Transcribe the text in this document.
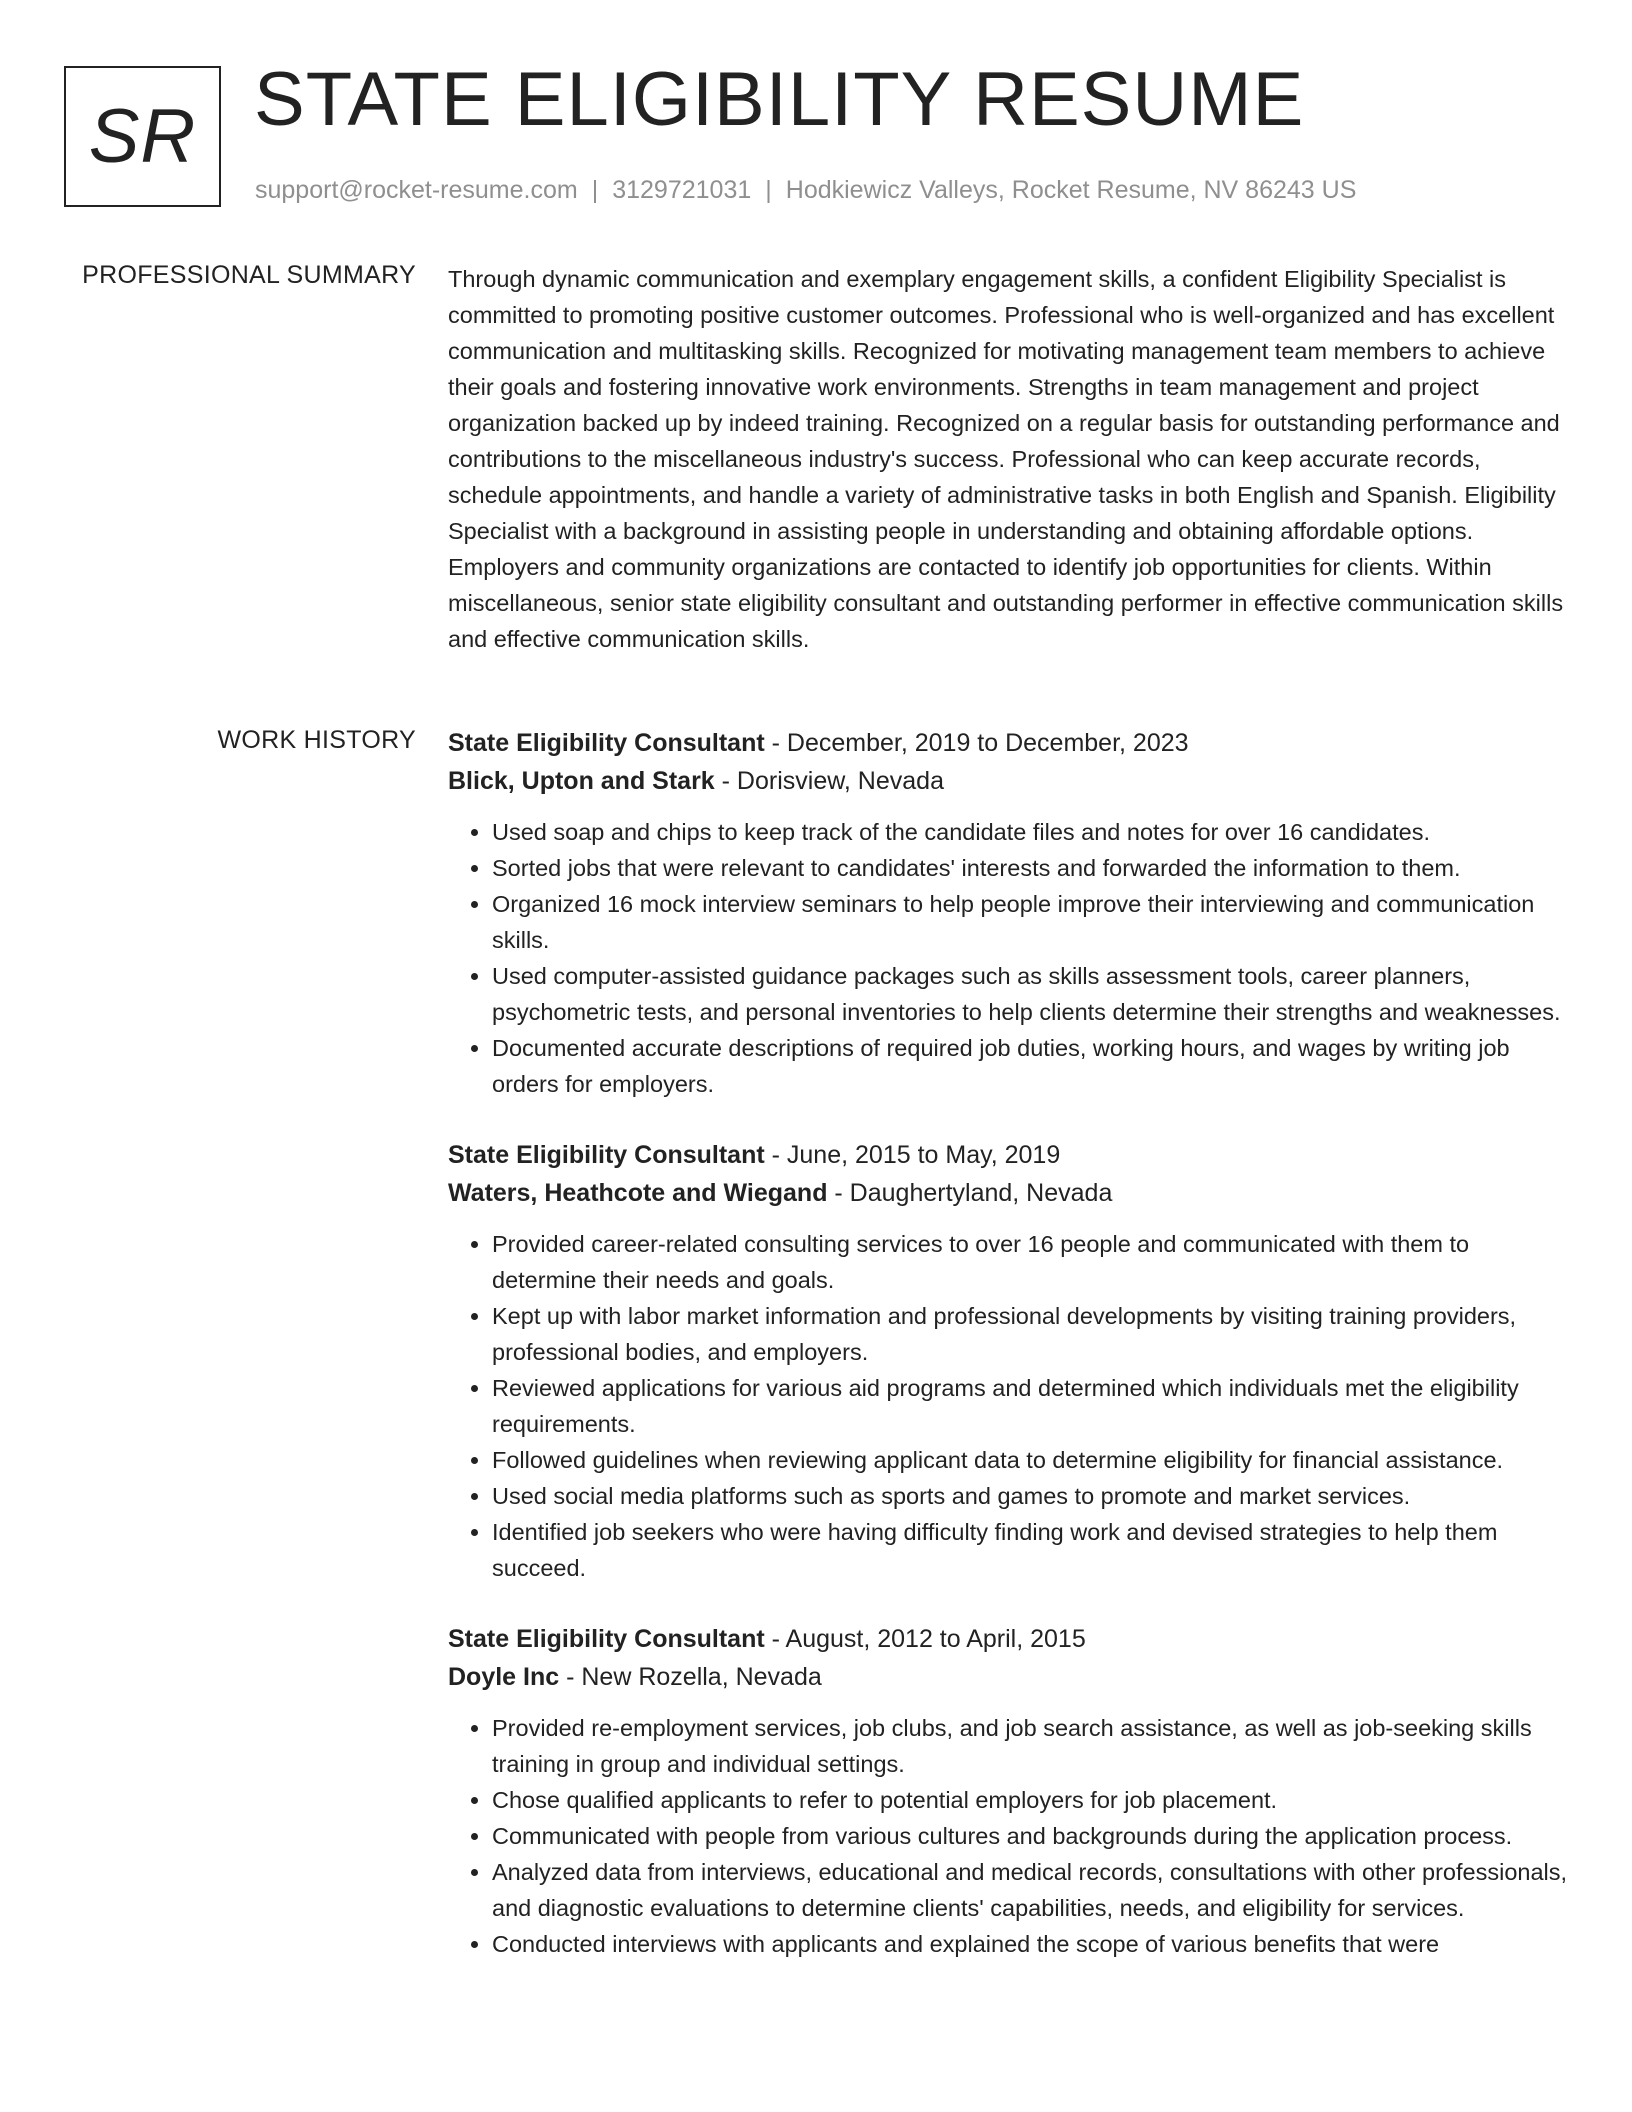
SR STATE ELIGIBILITY RESUME
support@rocket-resume.com | 3129721031 | Hodkiewicz Valleys, Rocket Resume, NV 86243 US
PROFESSIONAL SUMMARY Through dynamic communication and exemplary engagement skills, a confident Eligibility Specialist is committed to promoting positive customer outcomes. Professional who is well-organized and has excellent communication and multitasking skills. Recognized for motivating management team members to achieve their goals and fostering innovative work environments. Strengths in team management and project organization backed up by indeed training. Recognized on a regular basis for outstanding performance and contributions to the miscellaneous industry's success. Professional who can keep accurate records, schedule appointments, and handle a variety of administrative tasks in both English and Spanish. Eligibility Specialist with a background in assisting people in understanding and obtaining affordable options. Employers and community organizations are contacted to identify job opportunities for clients. Within miscellaneous, senior state eligibility consultant and outstanding performer in effective communication skills and effective communication skills.

WORK HISTORY State Eligibility Consultant - December, 2019 to December, 2023
Blick, Upton and Stark - Dorisview, Nevada
• Used soap and chips to keep track of the candidate files and notes for over 16 candidates.
• Sorted jobs that were relevant to candidates' interests and forwarded the information to them.
• Organized 16 mock interview seminars to help people improve their interviewing and communication skills.
• Used computer-assisted guidance packages such as skills assessment tools, career planners, psychometric tests, and personal inventories to help clients determine their strengths and weaknesses.
• Documented accurate descriptions of required job duties, working hours, and wages by writing job orders for employers.
State Eligibility Consultant - June, 2015 to May, 2019
Waters, Heathcote and Wiegand - Daughertyland, Nevada
• Provided career-related consulting services to over 16 people and communicated with them to determine their needs and goals.
• Kept up with labor market information and professional developments by visiting training providers, professional bodies, and employers.
• Reviewed applications for various aid programs and determined which individuals met the eligibility requirements.
• Followed guidelines when reviewing applicant data to determine eligibility for financial assistance.
• Used social media platforms such as sports and games to promote and market services.
• Identified job seekers who were having difficulty finding work and devised strategies to help them succeed.
State Eligibility Consultant - August, 2012 to April, 2015
Doyle Inc - New Rozella, Nevada
• Provided re-employment services, job clubs, and job search assistance, as well as job-seeking skills training in group and individual settings.
• Chose qualified applicants to refer to potential employers for job placement.
• Communicated with people from various cultures and backgrounds during the application process.
• Analyzed data from interviews, educational and medical records, consultations with other professionals, and diagnostic evaluations to determine clients' capabilities, needs, and eligibility for services.
• Conducted interviews with applicants and explained the scope of various benefits that were
